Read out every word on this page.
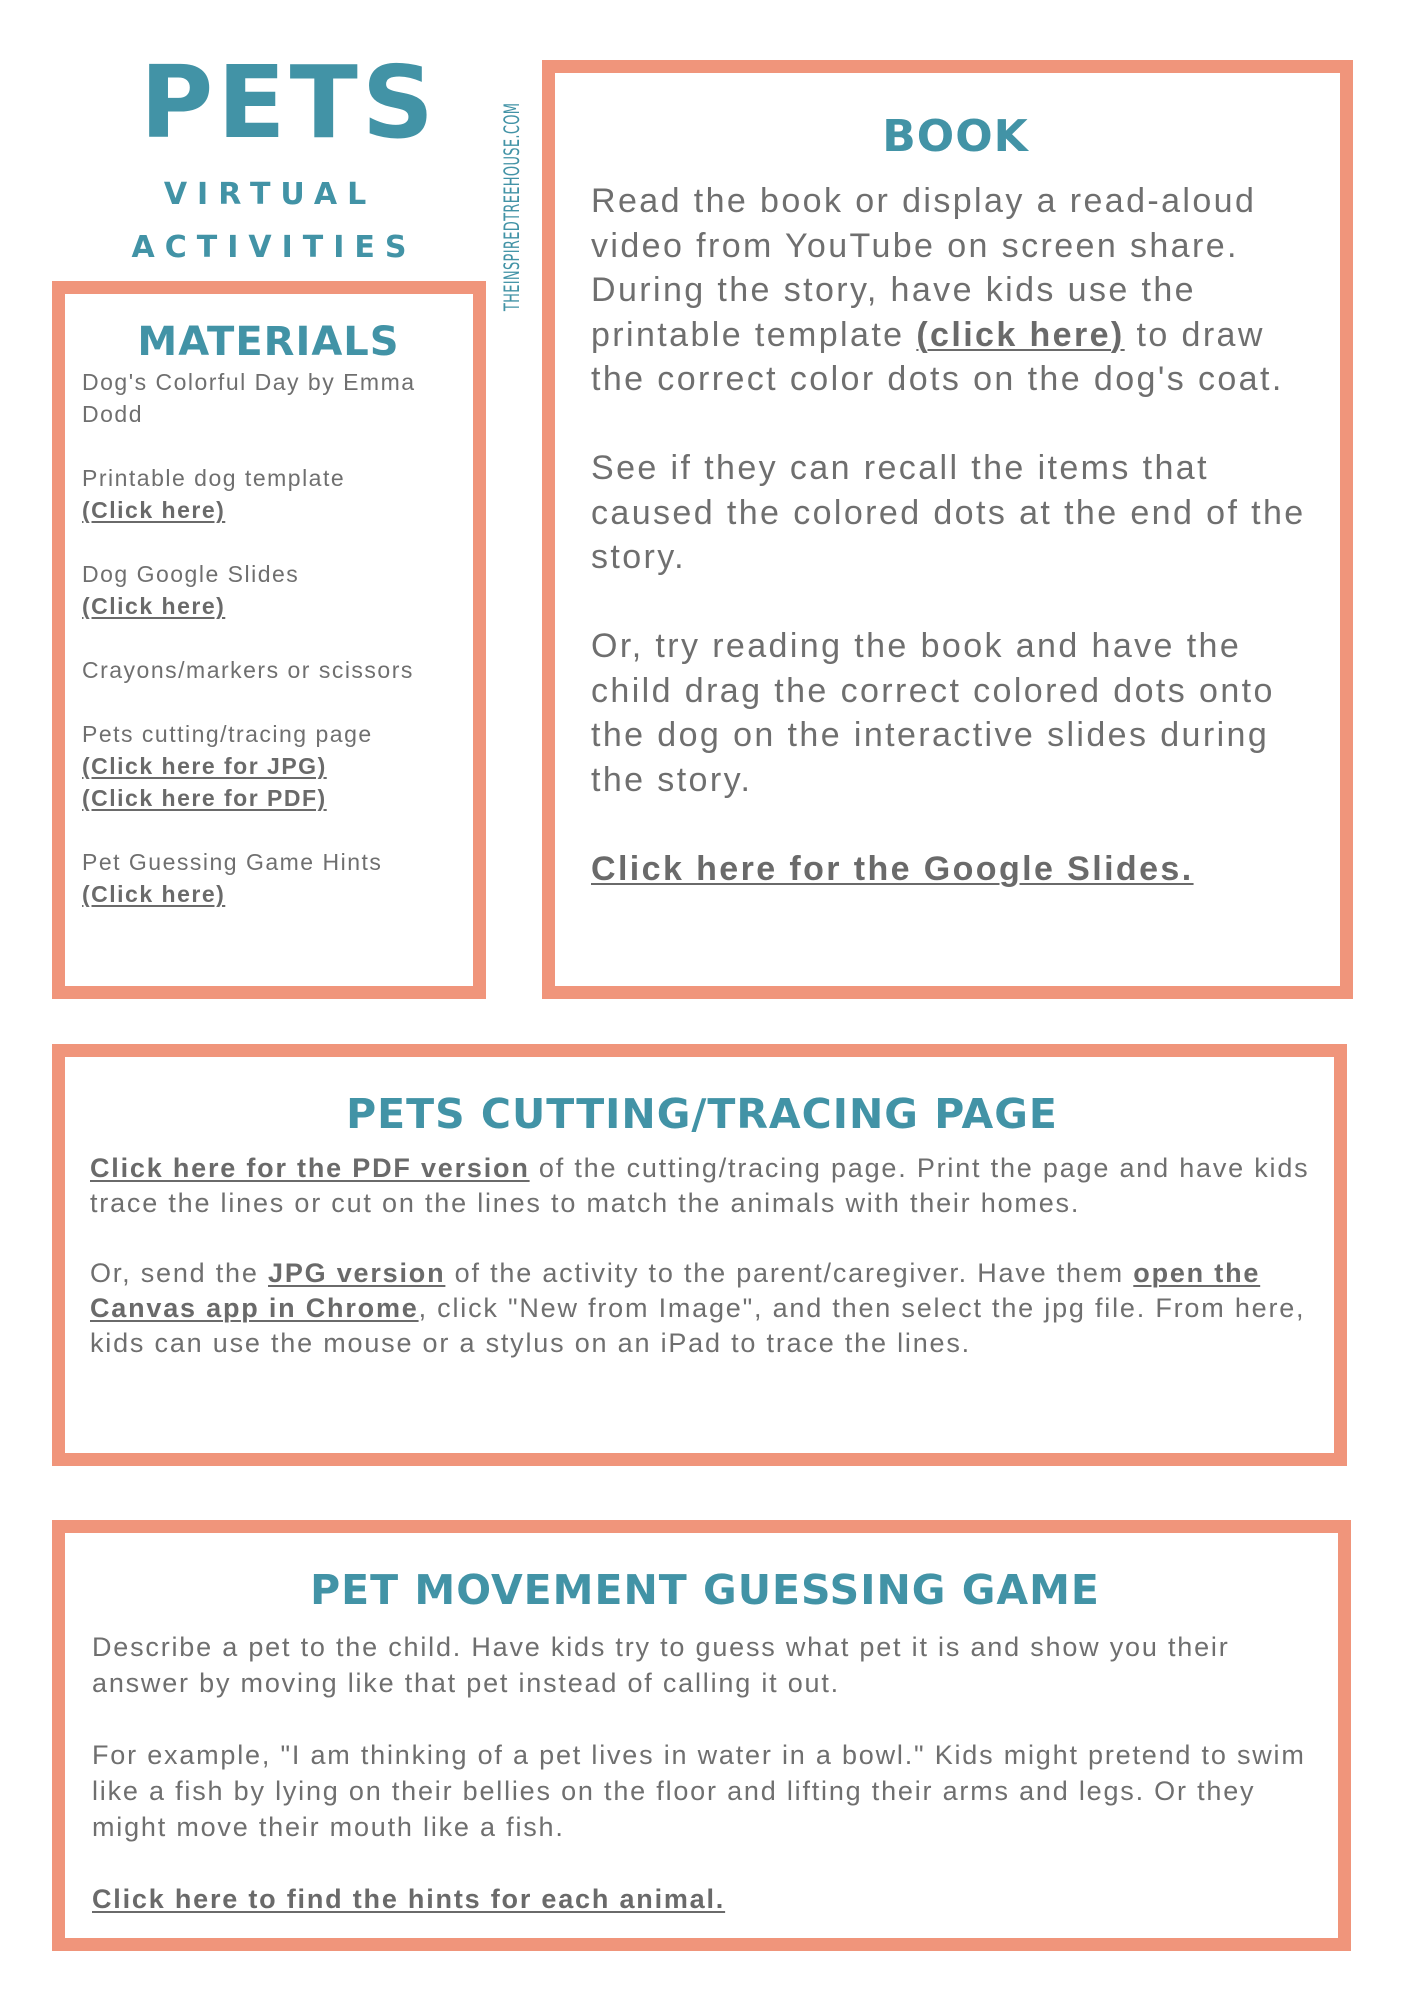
PETS
VIRTUAL
ACTIVITIES	THEINSPIREDTREEHOUSE.COM
MATERIALS
Dog's Colorful Day by Emma Dodd
Printable dog template
(Click here)
Dog Google Slides
(Click here)
Crayons/markers or scissors
Pets cutting/tracing page
(Click here for JPG)
(Click here for PDF)
Pet Guessing Game Hints
(Click here)
BOOK

Read the book or display a read-aloud video from YouTube on screen share. During the story, have kids use the printable template (click here) to draw the correct color dots on the dog's coat.

See if they can recall the items that caused the colored dots at the end of the story.

Or, try reading the book and have the child drag the correct colored dots onto the dog on the interactive slides during the story.

Click here for the Google Slides.

PETS CUTTING/TRACING PAGE

Click here for the PDF version of the cutting/tracing page. Print the page and have kids trace the lines or cut on the lines to match the animals with their homes.

Or, send the JPG version of the activity to the parent/caregiver. Have them open the Canvas app in Chrome, click "New from Image", and then select the jpg file. From here, kids can use the mouse or a stylus on an iPad to trace the lines.

PET MOVEMENT GUESSING GAME

Describe a pet to the child. Have kids try to guess what pet it is and show you their answer by moving like that pet instead of calling it out.

For example, "I am thinking of a pet lives in water in a bowl." Kids might pretend to swim like a fish by lying on their bellies on the floor and lifting their arms and legs. Or they might move their mouth like a fish.

Click here to find the hints for each animal.
